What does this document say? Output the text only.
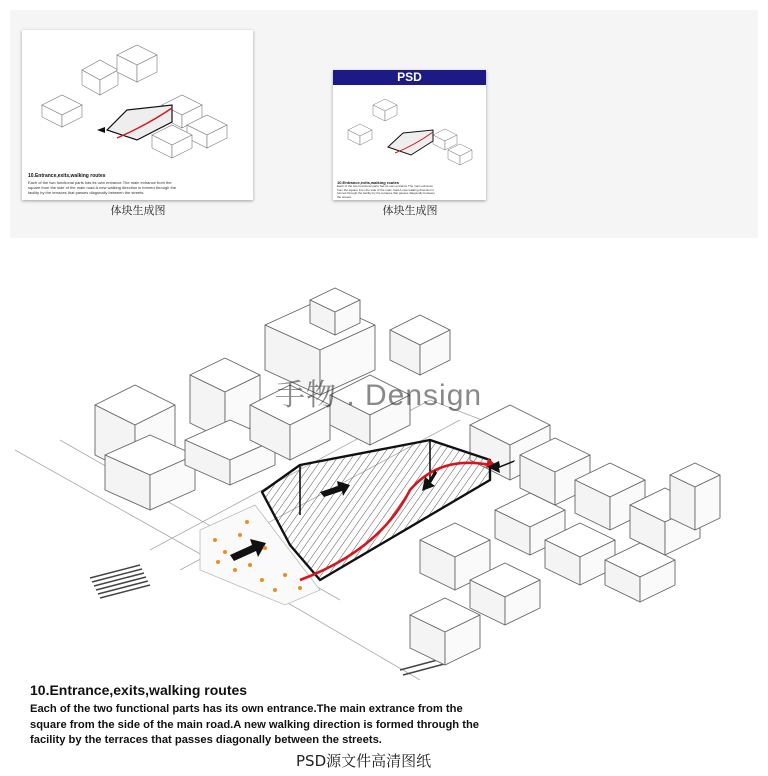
10.Entrance,exits,walking routes
Each of the two functional parts has its own entrance.The main extrance from the square from the side of the main road.A new walking direction is formed through the facility by the terraces that passes diagonally between the streets.
体块生成图
PSD
10.Entrance,exits,walking routes
Each of the two functional parts has its own entrance.The main extrance from the square from the side of the main road.A new walking direction is formed through the facility by the terraces that passes diagonally between the streets.
体块生成图
手物 . Densign
10.Entrance,exits,walking routes
Each of the two functional parts has its own entrance.The main extrance from the square from the side of the main road.A new walking direction is formed through the facility by the terraces that passes diagonally between the streets.
PSD源文件高清图纸
